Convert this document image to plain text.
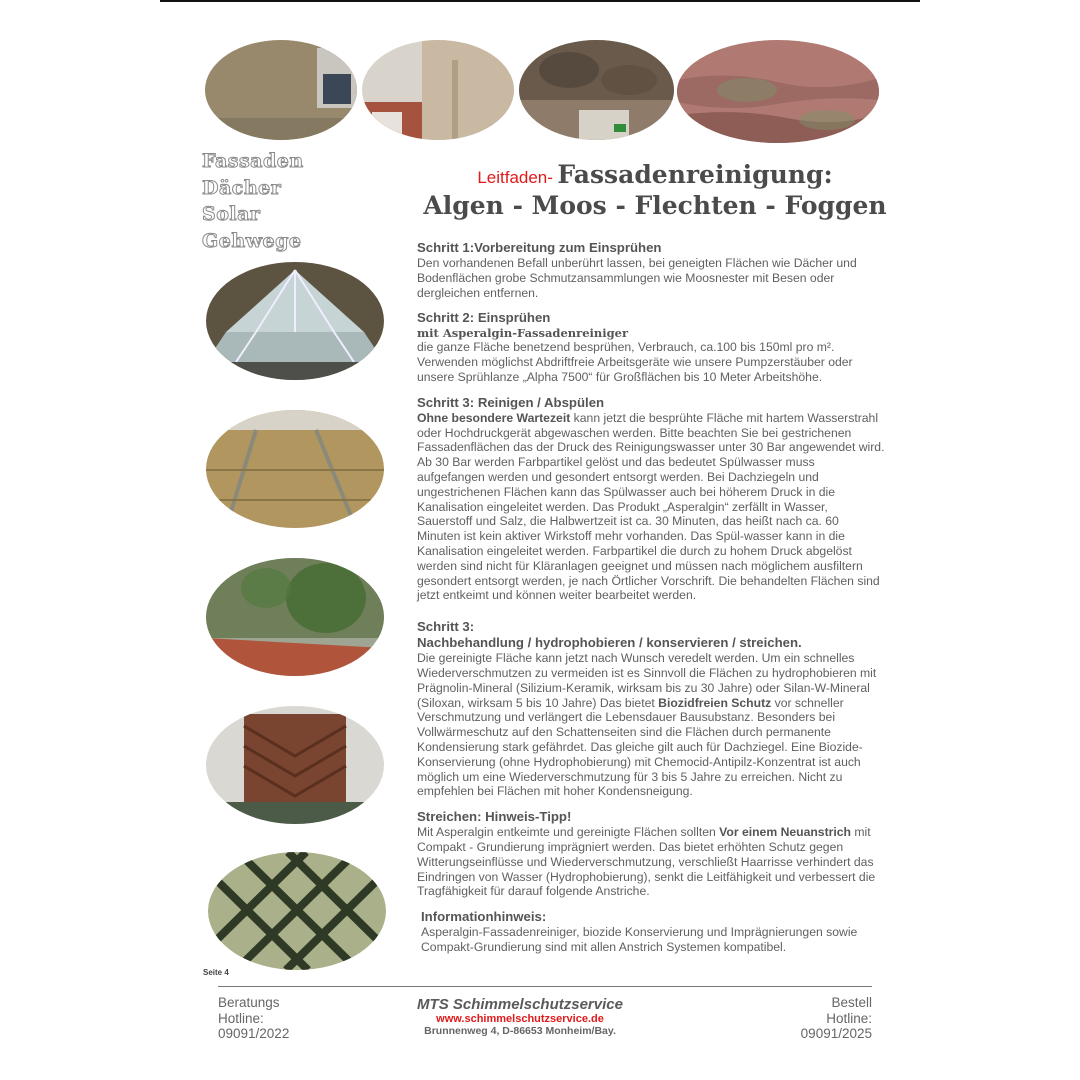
Fassaden
Dächer
Solar
Gehwege
Leitfaden- Fassadenreinigung:
Algen - Moos - Flechten - Foggen
Schritt 1:Vorbereitung zum Einsprühen

Den vorhandenen Befall unberührt lassen, bei geneigten Flächen wie Dächer und Bodenflächen grobe Schmutzansammlungen wie Moosnester mit Besen oder dergleichen entfernen.

Schritt 2: Einsprühen
mit Asperalgin-Fassadenreiniger

die ganze Fläche benetzend besprühen, Verbrauch, ca.100 bis 150ml pro m². Verwenden möglichst Abdriftfreie Arbeitsgeräte wie unsere Pumpzerstäuber oder unsere Sprühlanze „Alpha 7500“ für Großflächen bis 10 Meter Arbeitshöhe.

Schritt 3: Reinigen / Abspülen

Ohne besondere Wartezeit kann jetzt die besprühte Fläche mit hartem Wasserstrahl oder Hochdruckgerät abgewaschen werden. Bitte beachten Sie bei gestrichenen Fassadenflächen das der Druck des Reinigungswasser unter 30 Bar angewendet wird. Ab 30 Bar werden Farbpartikel gelöst und das bedeutet Spülwasser muss aufgefangen werden und gesondert entsorgt werden. Bei Dachziegeln und ungestrichenen Flächen kann das Spülwasser auch bei höherem Druck in die Kanalisation eingeleitet werden. Das Produkt „Asperalgin“ zerfällt in Wasser, Sauerstoff und Salz, die Halbwertzeit ist ca. 30 Minuten, das heißt nach ca. 60 Minuten ist kein aktiver Wirkstoff mehr vorhanden. Das Spül-wasser kann in die Kanalisation eingeleitet werden. Farbpartikel die durch zu hohem Druck abgelöst werden sind nicht für Kläranlagen geeignet und müssen nach möglichem ausfiltern gesondert entsorgt werden, je nach Örtlicher Vorschrift. Die behandelten Flächen sind jetzt entkeimt und können weiter bearbeitet werden.

Schritt 3:
Nachbehandlung / hydrophobieren / konservieren / streichen.

Die gereinigte Fläche kann jetzt nach Wunsch veredelt werden. Um ein schnelles Wiederverschmutzen zu vermeiden ist es Sinnvoll die Flächen zu hydrophobieren mit Prägnolin-Mineral (Silizium-Keramik, wirksam bis zu 30 Jahre) oder Silan-W-Mineral (Siloxan, wirksam 5 bis 10 Jahre) Das bietet Biozidfreien Schutz vor schneller Verschmutzung und verlängert die Lebensdauer Bausubstanz. Besonders bei Vollwärmeschutz auf den Schattenseiten sind die Flächen durch permanente Kondensierung stark gefährdet. Das gleiche gilt auch für Dachziegel. Eine Biozide-Konservierung (ohne Hydrophobierung) mit Chemocid-Antipilz-Konzentrat ist auch möglich um eine Wiederverschmutzung für 3 bis 5 Jahre zu erreichen. Nicht zu empfehlen bei Flächen mit hoher Kondensneigung.

Streichen: Hinweis-Tipp!

Mit Asperalgin entkeimte und gereinigte Flächen sollten Vor einem Neuanstrich mit Compakt - Grundierung imprägniert werden. Das bietet erhöhten Schutz gegen Witterungseinflüsse und Wiederverschmutzung, verschließt Haarrisse verhindert das Eindringen von Wasser (Hydrophobierung), senkt die Leitfähigkeit und verbessert die Tragfähigkeit für darauf folgende Anstriche.

Informationhinweis:

Asperalgin-Fassadenreiniger, biozide Konservierung und Imprägnierungen sowie Compakt-Grundierung sind mit allen Anstrich Systemen kompatibel.

Seite 4
Beratungs
Hotline:
09091/2022
MTS Schimmelschutzservice
www.schimmelschutzservice.de
Brunnenweg 4, D-86653 Monheim/Bay.
Bestell
Hotline:
09091/2025
